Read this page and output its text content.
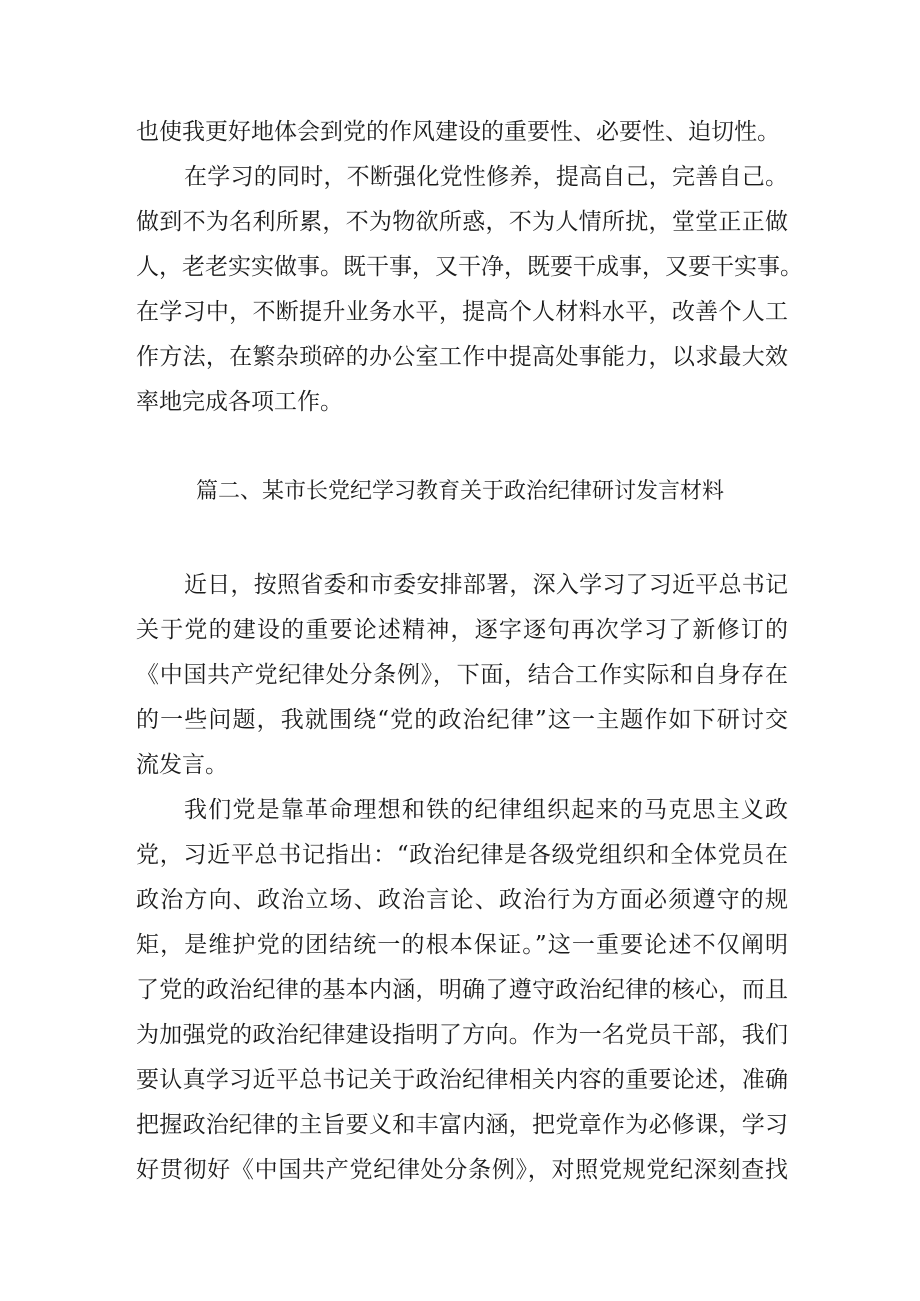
也使我更好地体会到党的作风建设的重要性、必要性、迫切性。
在学习的同时，不断强化党性修养，提高自己，完善自己。
做到不为名利所累，不为物欲所惑，不为人情所扰，堂堂正正做
人，老老实实做事。既干事，又干净，既要干成事，又要干实事。
在学习中，不断提升业务水平，提高个人材料水平，改善个人工
作方法，在繁杂琐碎的办公室工作中提高处事能力，以求最大效
率地完成各项工作。
篇二、某市长党纪学习教育关于政治纪律研讨发言材料
近日，按照省委和市委安排部署，深入学习了习近平总书记
关于党的建设的重要论述精神，逐字逐句再次学习了新修订的
《中国共产党纪律处分条例》，下面，结合工作实际和自身存在
的一些问题，我就围绕“党的政治纪律”这一主题作如下研讨交
流发言。
我们党是靠革命理想和铁的纪律组织起来的马克思主义政
党，习近平总书记指出：“政治纪律是各级党组织和全体党员在
政治方向、政治立场、政治言论、政治行为方面必须遵守的规
矩，是维护党的团结统一的根本保证。”这一重要论述不仅阐明
了党的政治纪律的基本内涵，明确了遵守政治纪律的核心，而且
为加强党的政治纪律建设指明了方向。作为一名党员干部，我们
要认真学习近平总书记关于政治纪律相关内容的重要论述，准确
把握政治纪律的主旨要义和丰富内涵，把党章作为必修课，学习
好贯彻好《中国共产党纪律处分条例》，对照党规党纪深刻查找
